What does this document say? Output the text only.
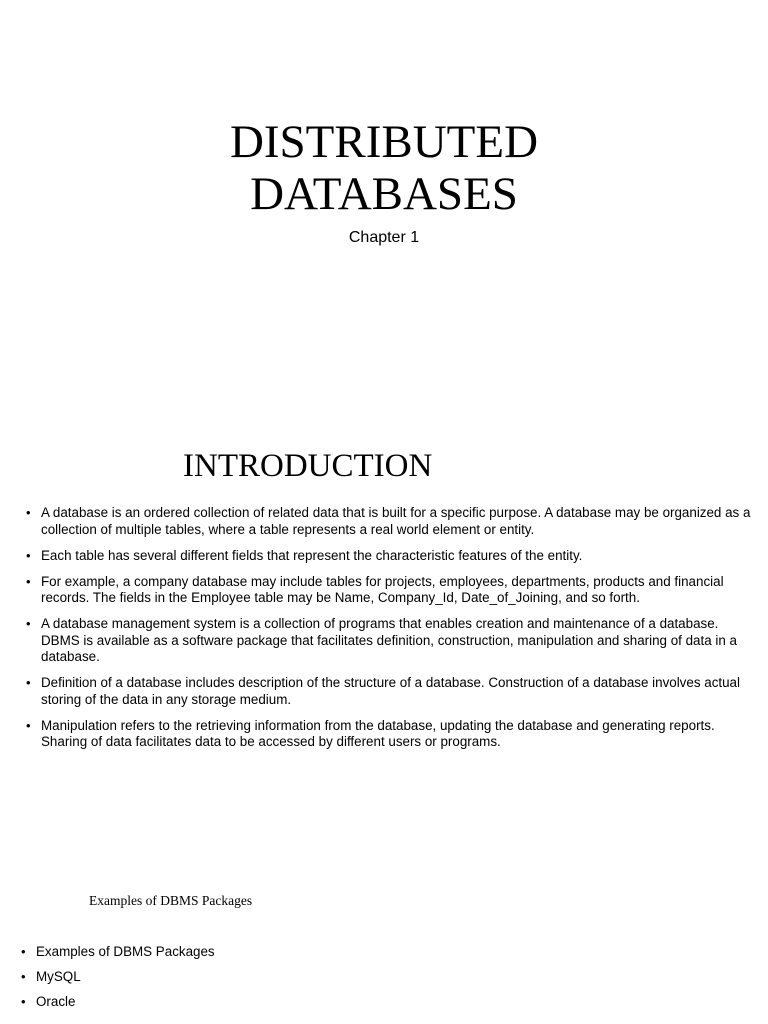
DISTRIBUTED
DATABASES
Chapter 1
INTRODUCTION
• A database is an ordered collection of related data that is built for a specific purpose. A database may be organized as a collection of multiple tables, where a table represents a real world element or entity.
• Each table has several different fields that represent the characteristic features of the entity.
• For example, a company database may include tables for projects, employees, departments, products and financial records. The fields in the Employee table may be Name, Company_Id, Date_of_Joining, and so forth.
• A database management system is a collection of programs that enables creation and maintenance of a database. DBMS is available as a software package that facilitates definition, construction, manipulation and sharing of data in a database.
• Definition of a database includes description of the structure of a database. Construction of a database involves actual storing of the data in any storage medium.
• Manipulation refers to the retrieving information from the database, updating the database and generating reports. Sharing of data facilitates data to be accessed by different users or programs.
Examples of DBMS Packages
• Examples of DBMS Packages
• MySQL
• Oracle
